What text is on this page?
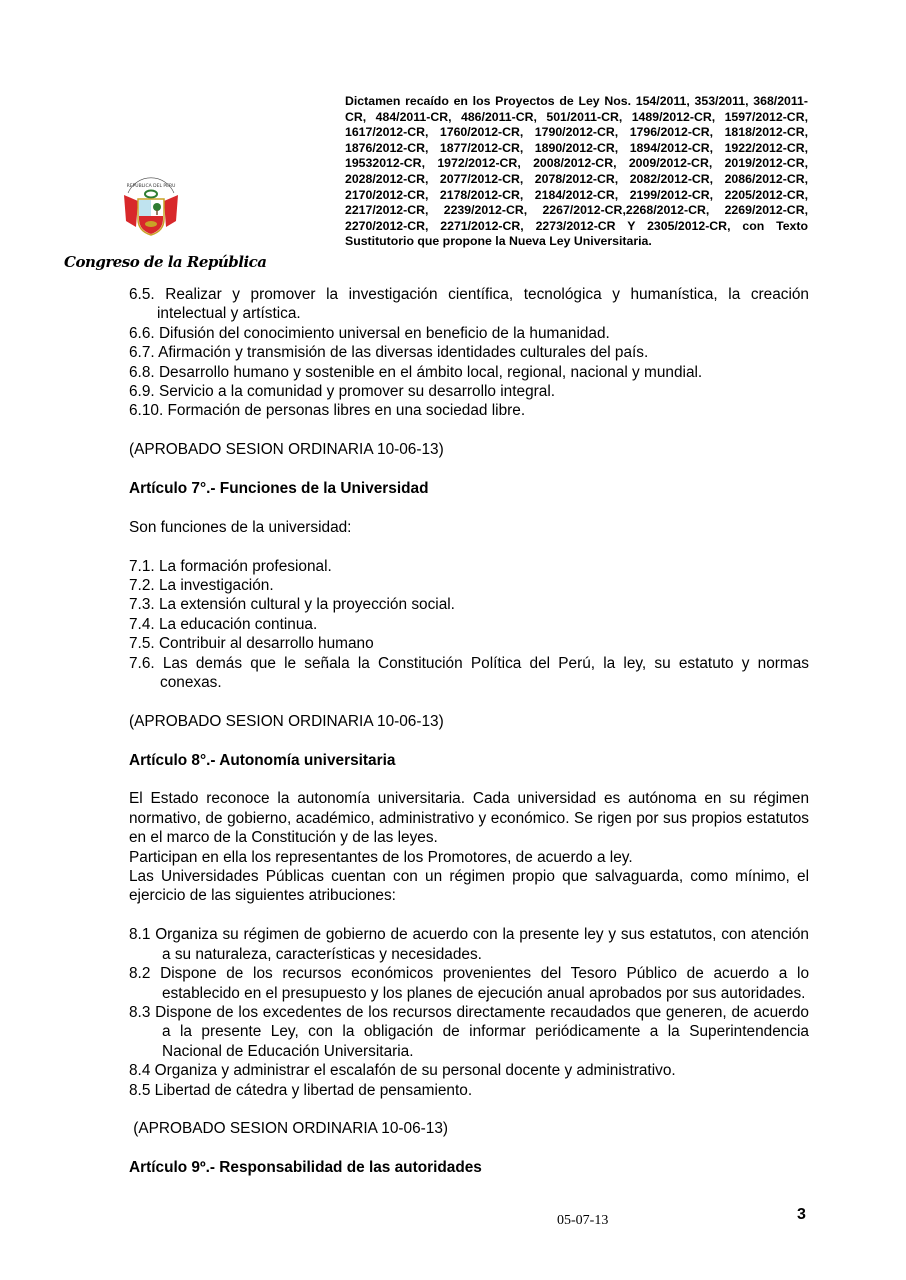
REPUBLICA DEL PERU
Congreso de la República
Dictamen recaído en los Proyectos de Ley Nos. 154/2011, 353/2011, 368/2011-CR, 484/2011-CR, 486/2011-CR, 501/2011-CR, 1489/2012-CR, 1597/2012-CR, 1617/2012-CR, 1760/2012-CR, 1790/2012-CR, 1796/2012-CR, 1818/2012-CR, 1876/2012-CR, 1877/2012-CR, 1890/2012-CR, 1894/2012-CR, 1922/2012-CR, 19532012-CR, 1972/2012-CR, 2008/2012-CR, 2009/2012-CR, 2019/2012-CR, 2028/2012-CR, 2077/2012-CR, 2078/2012-CR, 2082/2012-CR, 2086/2012-CR, 2170/2012-CR, 2178/2012-CR, 2184/2012-CR, 2199/2012-CR, 2205/2012-CR, 2217/2012-CR, 2239/2012-CR, 2267/2012-CR,2268/2012-CR, 2269/2012-CR, 2270/2012-CR, 2271/2012-CR, 2273/2012-CR Y 2305/2012-CR, con Texto Sustitutorio que propone la Nueva Ley Universitaria.

6.5. Realizar y promover la investigación científica, tecnológica y humanística, la creación intelectual y artística.

6.6. Difusión del conocimiento universal en beneficio de la humanidad.

6.7. Afirmación y transmisión de las diversas identidades culturales del país.

6.8. Desarrollo humano y sostenible en el ámbito local, regional, nacional y mundial.

6.9. Servicio a la comunidad y promover su desarrollo integral.

6.10. Formación de personas libres en una sociedad libre.

(APROBADO SESION ORDINARIA 10-06-13)

Artículo 7°.- Funciones de la Universidad

Son funciones de la universidad:

7.1. La formación profesional.

7.2. La investigación.

7.3. La extensión cultural y la proyección social.

7.4. La educación continua.

7.5. Contribuir al desarrollo humano

7.6. Las demás que le señala la Constitución Política del Perú, la ley, su estatuto y normas conexas.

(APROBADO SESION ORDINARIA 10-06-13)

Artículo 8°.- Autonomía universitaria

El Estado reconoce la autonomía universitaria. Cada universidad es autónoma en su régimen normativo, de gobierno, académico, administrativo y económico. Se rigen por sus propios estatutos en el marco de la Constitución y de las leyes.

Participan en ella los representantes de los Promotores, de acuerdo a ley.

Las Universidades Públicas cuentan con un régimen propio que salvaguarda, como mínimo, el ejercicio de las siguientes atribuciones:

8.1 Organiza su régimen de gobierno de acuerdo con la presente ley y sus estatutos, con atención a su naturaleza, características y necesidades.

8.2 Dispone de los recursos económicos provenientes del Tesoro Público de acuerdo a lo establecido en el presupuesto y los planes de ejecución anual aprobados por sus autoridades.

8.3 Dispone de los excedentes de los recursos directamente recaudados que generen, de acuerdo a la presente Ley, con la obligación de informar periódicamente a la Superintendencia Nacional de Educación Universitaria.

8.4 Organiza y administrar el escalafón de su personal docente y administrativo.

8.5 Libertad de cátedra y libertad de pensamiento.

(APROBADO SESION ORDINARIA 10-06-13)

Artículo 9º.- Responsabilidad de las autoridades

05-07-13	3
